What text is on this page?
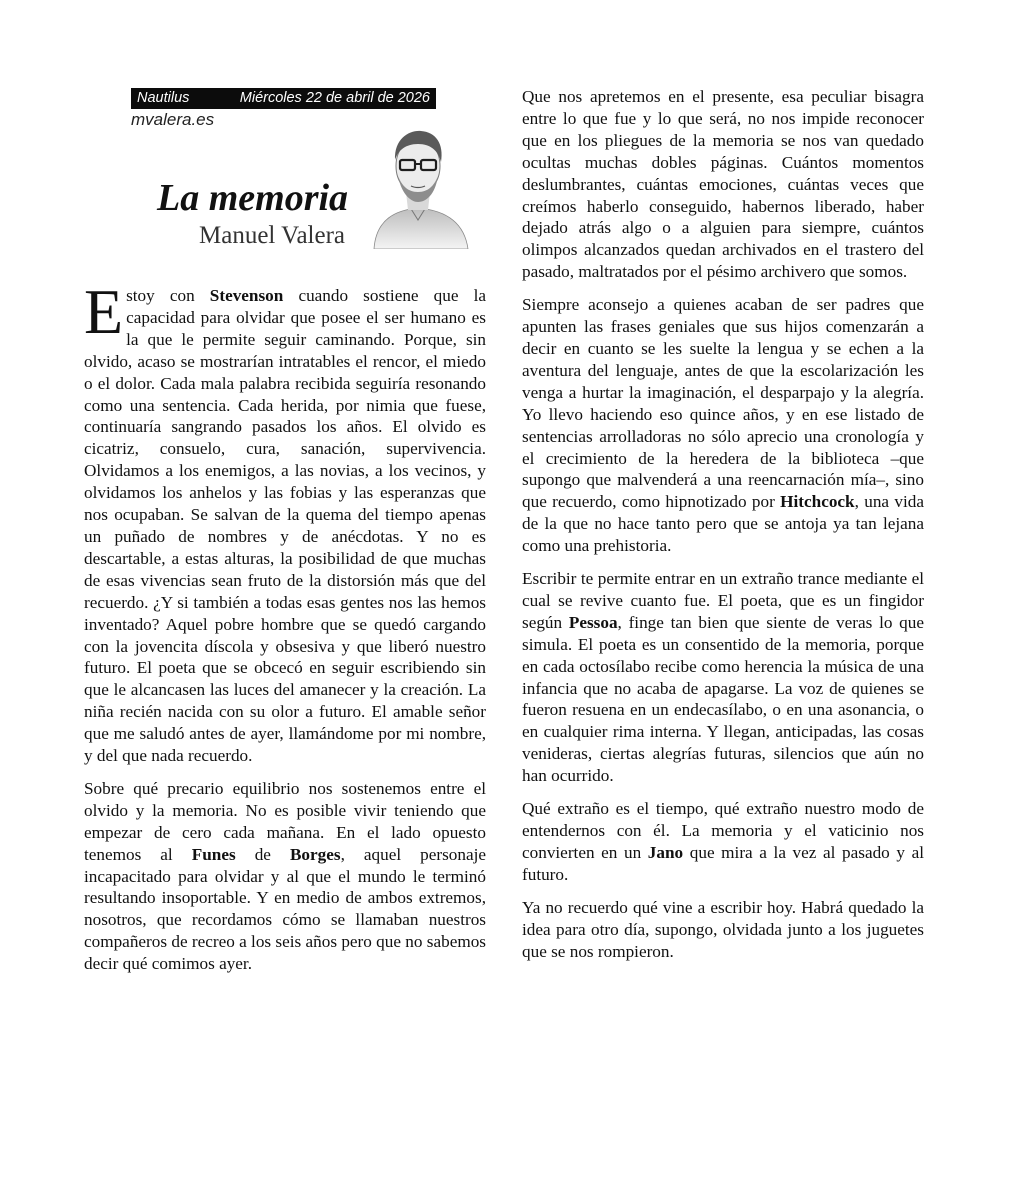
Nautilus	Miércoles 22 de abril de 2026
mvalera.es
La memoria
Manuel Valera

Estoy con Stevenson cuando sostiene que la capacidad para olvidar que posee el ser humano es la que le permite seguir caminando. Porque, sin olvido, acaso se mostrarían intratables el rencor, el miedo o el dolor. Cada mala palabra recibida seguiría resonando como una sentencia. Cada herida, por nimia que fuese, continuaría sangrando pasados los años. El olvido es cicatriz, consuelo, cura, sanación, supervivencia. Olvidamos a los enemigos, a las novias, a los vecinos, y olvidamos los anhelos y las fobias y las esperanzas que nos ocupaban. Se salvan de la quema del tiempo apenas un puñado de nombres y de anécdotas. Y no es descartable, a estas alturas, la posibilidad de que muchas de esas vivencias sean fruto de la distorsión más que del recuerdo. ¿Y si también a todas esas gentes nos las hemos inventado? Aquel pobre hombre que se quedó cargando con la jovencita díscola y obsesiva y que liberó nuestro futuro. El poeta que se obcecó en seguir escribiendo sin que le alcancasen las luces del amanecer y la creación. La niña recién nacida con su olor a futuro. El amable señor que me saludó antes de ayer, llamándome por mi nombre, y del que nada recuerdo.

Sobre qué precario equilibrio nos sostenemos entre el olvido y la memoria. No es posible vivir teniendo que empezar de cero cada mañana. En el lado opuesto tenemos al Funes de Borges, aquel personaje incapacitado para olvidar y al que el mundo le terminó resultando insoportable. Y en medio de ambos extremos, nosotros, que recordamos cómo se llamaban nuestros compañeros de recreo a los seis años pero que no sabemos decir qué comimos ayer.

Que nos apretemos en el presente, esa peculiar bisagra entre lo que fue y lo que será, no nos impide reconocer que en los pliegues de la memoria se nos van quedado ocultas muchas dobles páginas. Cuántos momentos deslumbrantes, cuántas emociones, cuántas veces que creímos haberlo conseguido, habernos liberado, haber dejado atrás algo o a alguien para siempre, cuántos olimpos alcanzados quedan archivados en el trastero del pasado, maltratados por el pésimo archivero que somos.

Siempre aconsejo a quienes acaban de ser padres que apunten las frases geniales que sus hijos comenzarán a decir en cuanto se les suelte la lengua y se echen a la aventura del lenguaje, antes de que la escolarización les venga a hurtar la imaginación, el desparpajo y la alegría. Yo llevo haciendo eso quince años, y en ese listado de sentencias arrolladoras no sólo aprecio una cronología y el crecimiento de la heredera de la biblioteca –que supongo que malvenderá a una reencarnación mía–, sino que recuerdo, como hipnotizado por Hitchcock, una vida de la que no hace tanto pero que se antoja ya tan lejana como una prehistoria.

Escribir te permite entrar en un extraño trance mediante el cual se revive cuanto fue. El poeta, que es un fingidor según Pessoa, finge tan bien que siente de veras lo que simula. El poeta es un consentido de la memoria, porque en cada octosílabo recibe como herencia la música de una infancia que no acaba de apagarse. La voz de quienes se fueron resuena en un endecasílabo, o en una asonancia, o en cualquier rima interna. Y llegan, anticipadas, las cosas venideras, ciertas alegrías futuras, silencios que aún no han ocurrido.

Qué extraño es el tiempo, qué extraño nuestro modo de entendernos con él. La memoria y el vaticinio nos convierten en un Jano que mira a la vez al pasado y al futuro.

Ya no recuerdo qué vine a escribir hoy. Habrá quedado la idea para otro día, supongo, olvidada junto a los juguetes que se nos rompieron.
